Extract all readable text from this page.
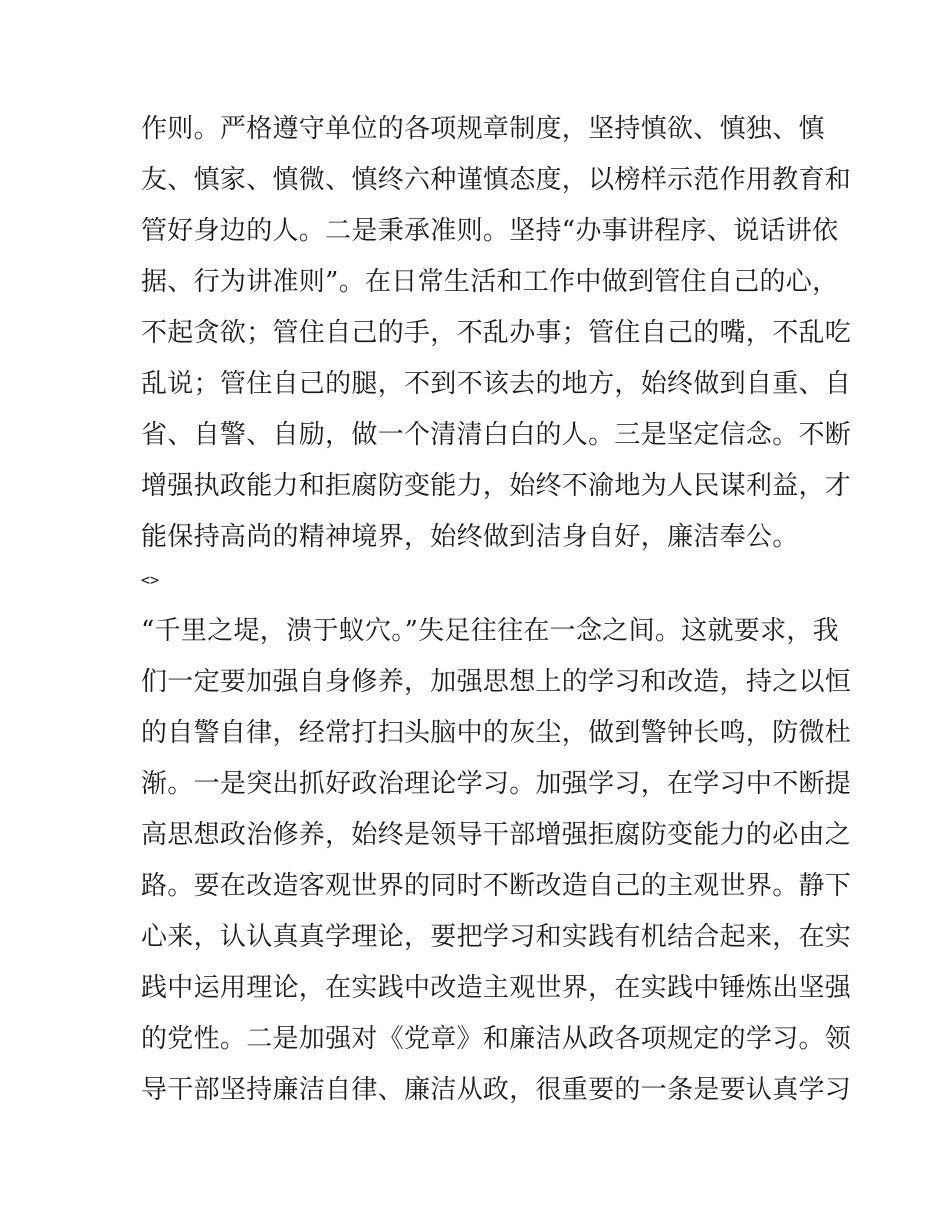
作则。严格遵守单位的各项规章制度，坚持慎欲、慎独、慎
友、慎家、慎微、慎终六种谨慎态度，以榜样示范作用教育和
管好身边的人。二是秉承准则。坚持“办事讲程序、说话讲依
据、行为讲准则”。在日常生活和工作中做到管住自己的心，
不起贪欲；管住自己的手，不乱办事；管住自己的嘴，不乱吃
乱说；管住自己的腿，不到不该去的地方，始终做到自重、自
省、自警、自励，做一个清清白白的人。三是坚定信念。不断
增强执政能力和拒腐防变能力，始终不渝地为人民谋利益，才
能保持高尚的精神境界，始终做到洁身自好，廉洁奉公。
<>
“千里之堤，溃于蚁穴。”失足往往在一念之间。这就要求，我
们一定要加强自身修养，加强思想上的学习和改造，持之以恒
的自警自律，经常打扫头脑中的灰尘，做到警钟长鸣，防微杜
渐。一是突出抓好政治理论学习。加强学习，在学习中不断提
高思想政治修养，始终是领导干部增强拒腐防变能力的必由之
路。要在改造客观世界的同时不断改造自己的主观世界。静下
心来，认认真真学理论，要把学习和实践有机结合起来，在实
践中运用理论，在实践中改造主观世界，在实践中锤炼出坚强
的党性。二是加强对《党章》和廉洁从政各项规定的学习。领
导干部坚持廉洁自律、廉洁从政，很重要的一条是要认真学习
